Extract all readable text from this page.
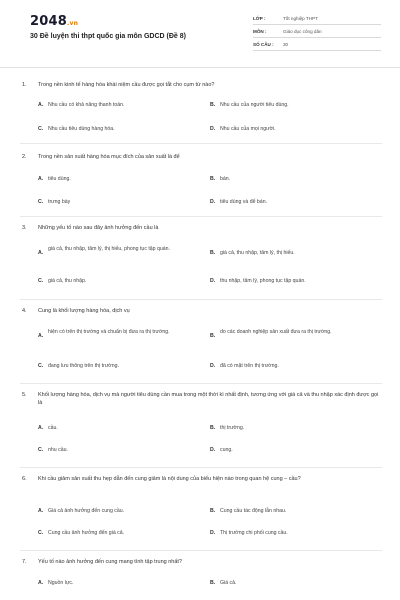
2048.vn
30 Đề luyện thi thpt quốc gia môn GDCD (Đề 8)
LỚP :	Tốt nghiệp THPT
MÔN :	Giáo dục công dân
SỐ CÂU :	30
1.	Trong nền kinh tế hàng hóa khái niệm cầu được gọi tắt cho cụm từ nào?
A. Nhu cầu có khả năng thanh toán.	B. Nhu cầu của người tiêu dùng.
C. Nhu cầu tiêu dùng hàng hóa.	D. Nhu cầu của mọi người.
2.	Trong nền sản xuất hàng hóa mục đích của sản xuất là để
A. tiêu dùng.	B. bán.
C. trưng bày	D. tiêu dùng và để bán.
3.	Những yếu tố nào sau đây ảnh hưởng đến cầu là
A.
giá cả, thu nhập, tâm lý, thị hiếu, phong tục tập quán.
B. giá cả, thu nhập, tâm lý, thị hiếu.
C. giá cả, thu nhập.	D. thu nhập, tâm lý, phong tục tập quán.
4.	Cung là khối lượng hàng hóa, dịch vụ
A.
hiện có trên thị trường và chuẩn bị đưa ra thị trường.
B.
do các doanh nghiệp sản xuất đưa ra thị trường.
C. đang lưu thông trên thị trường.	D. đã có mặt trên thị trường.
5.	Khối lượng hàng hóa, dịch vụ mà người tiêu dùng cần mua trong một thời kì nhất định, tương ứng với giá cả và thu nhập xác định được gọi là
A. cầu.	B. thị trường.
C. nhu cầu.	D. cung.
6.	Khi cầu giảm sản xuất thu hẹp dẫn đến cung giảm là nội dung của biểu hiện nào trong quan hệ cung – cầu?
A. Giá cả ảnh hưởng đến cung cầu.	B. Cung cầu tác động lẫn nhau.
C. Cung cầu ảnh hưởng đến giá cả.	D. Thị trường chi phối cung cầu.
7.	Yếu tố nào ảnh hưởng đến cung mang tính tập trung nhất?
A. Nguồn lực.	B. Giá cả.
